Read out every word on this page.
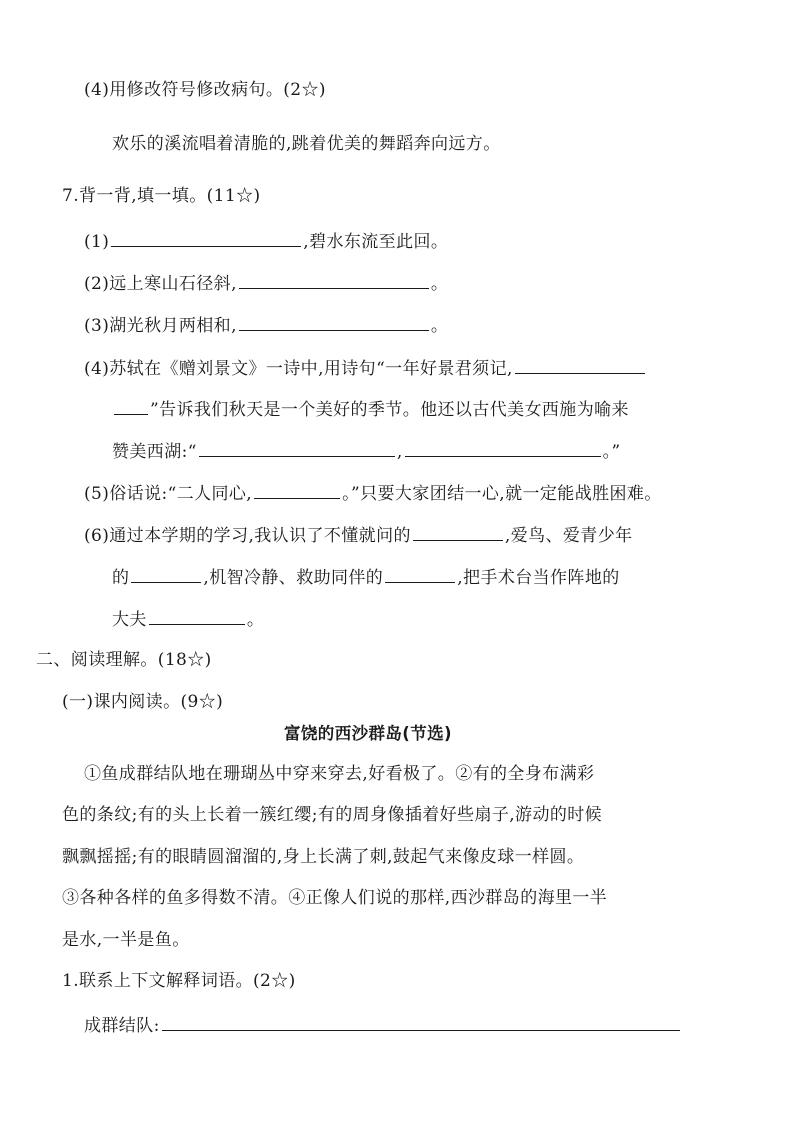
(4)用修改符号修改病句。(2☆)
欢乐的溪流唱着清脆的,跳着优美的舞蹈奔向远方。
7.背一背,填一填。(11☆)
(1)	,碧水东流至此回。
(2)远上寒山石径斜,	。
(3)湖光秋月两相和,	。
(4)苏轼在《赠刘景文》一诗中,用诗句“一年好景君须记,
”告诉我们秋天是一个美好的季节。他还以古代美女西施为喻来
赞美西湖:“	,	。”
(5)俗话说:“二人同心,	。”只要大家团结一心,就一定能战胜困难。
(6)通过本学期的学习,我认识了不懂就问的	,爱鸟、爱青少年
的	,机智冷静、救助同伴的	,把手术台当作阵地的
大夫	。
二、阅读理解。(18☆)
(一)课内阅读。(9☆)
富饶的西沙群岛(节选)
①鱼成群结队地在珊瑚丛中穿来穿去,好看极了。②有的全身布满彩
色的条纹;有的头上长着一簇红缨;有的周身像插着好些扇子,游动的时候
飘飘摇摇;有的眼睛圆溜溜的,身上长满了刺,鼓起气来像皮球一样圆。
③各种各样的鱼多得数不清。④正像人们说的那样,西沙群岛的海里一半
是水,一半是鱼。
1.联系上下文解释词语。(2☆)
成群结队:
